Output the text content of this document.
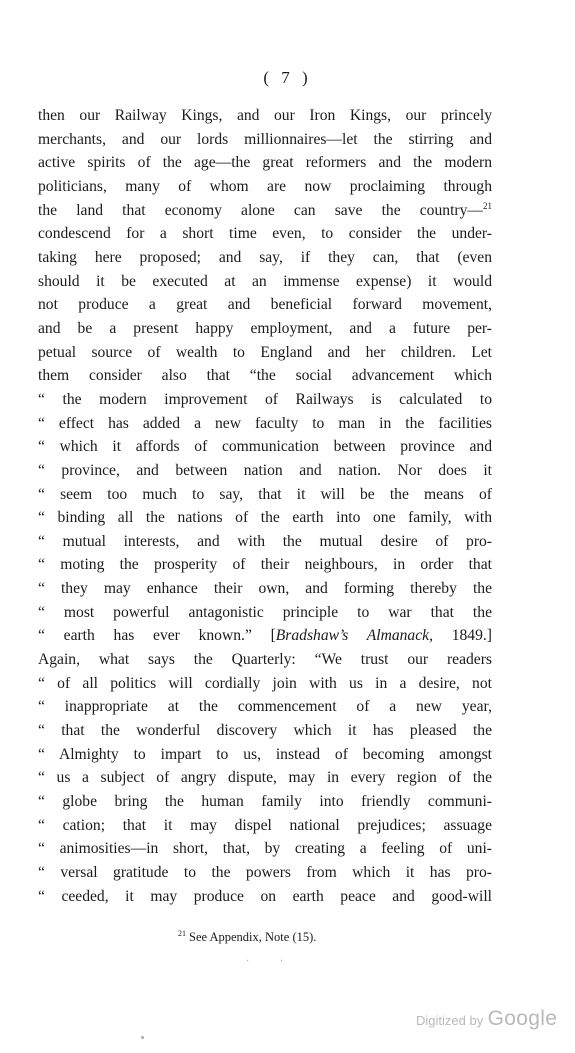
( 7 )
then our Railway Kings, and our Iron Kings, our princely
merchants, and our lords millionnaires—let the stirring and
active spirits of the age—the great reformers and the modern
politicians, many of whom are now proclaiming through
the land that economy alone can save the country—$^{21}$
condescend for a short time even, to consider the under-
taking here proposed; and say, if they can, that (even
should it be executed at an immense expense) it would
not produce a great and beneficial forward movement,
and be a present happy employment, and a future per-
petual source of wealth to England and her children. Let
them consider also that “the social advancement which
“ the modern improvement of Railways is calculated to
“ effect has added a new faculty to man in the facilities
“ which it affords of communication between province and
“ province, and between nation and nation. Nor does it
“ seem too much to say, that it will be the means of
“ binding all the nations of the earth into one family, with
“ mutual interests, and with the mutual desire of pro-
“ moting the prosperity of their neighbours, in order that
“ they may enhance their own, and forming thereby the
“ most powerful antagonistic principle to war that the
“ earth has ever known.” [Bradshaw’s Almanack, 1849.]
Again, what says the Quarterly: “We trust our readers
“ of all politics will cordially join with us in a desire, not
“ inappropriate at the commencement of a new year,
“ that the wonderful discovery which it has pleased the
“ Almighty to impart to us, instead of becoming amongst
“ us a subject of angry dispute, may in every region of the
“ globe bring the human family into friendly communi-
“ cation; that it may dispel national prejudices; assuage
“ animosities—in short, that, by creating a feeling of uni-
“ versal gratitude to the powers from which it has pro-
“ ceeded, it may produce on earth peace and good-will
$^{21}$ See Appendix, Note (15).
· ·
Digitized by Google
